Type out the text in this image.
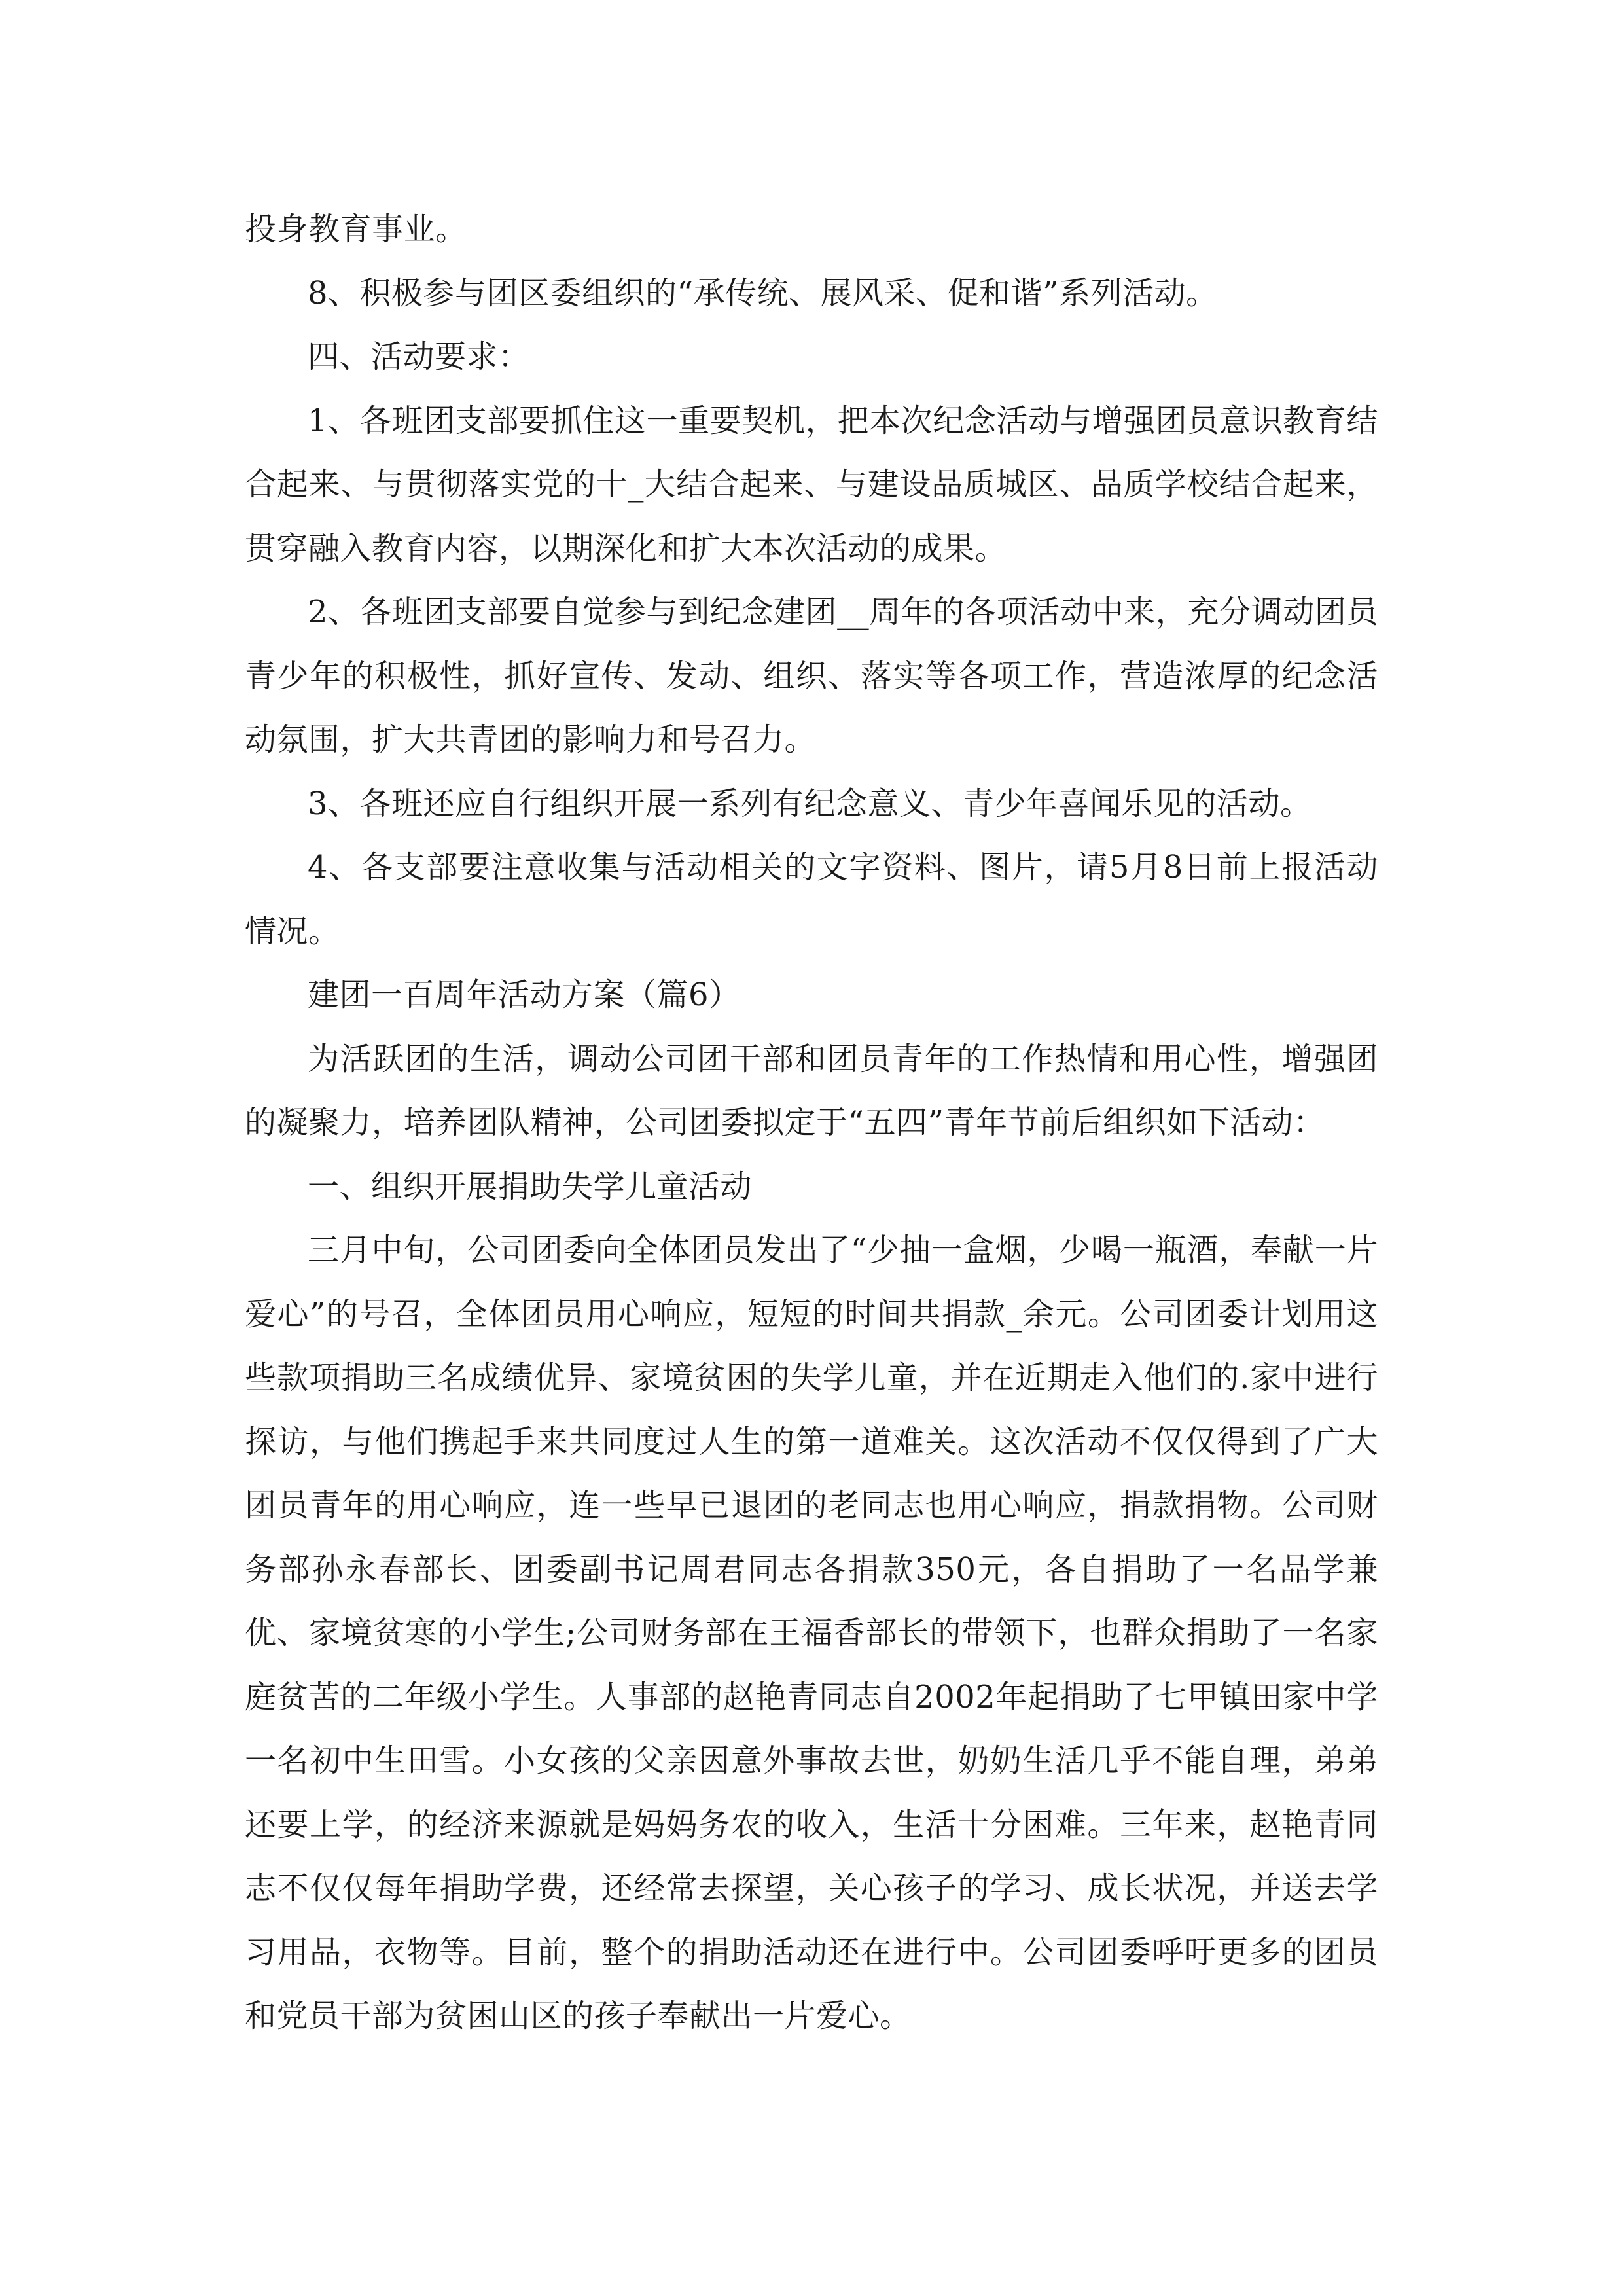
投身教育事业。

8、积极参与团区委组织的“承传统、展风采、促和谐”系列活动。

四、活动要求：

1、各班团支部要抓住这一重要契机，把本次纪念活动与增强团员意识教育结合起来、与贯彻落实党的十_大结合起来、与建设品质城区、品质学校结合起来，贯穿融入教育内容，以期深化和扩大本次活动的成果。

2、各班团支部要自觉参与到纪念建团__周年的各项活动中来，充分调动团员青少年的积极性，抓好宣传、发动、组织、落实等各项工作，营造浓厚的纪念活动氛围，扩大共青团的影响力和号召力。

3、各班还应自行组织开展一系列有纪念意义、青少年喜闻乐见的活动。

4、各支部要注意收集与活动相关的文字资料、图片，请5月8日前上报活动情况。

建团一百周年活动方案（篇6）

为活跃团的生活，调动公司团干部和团员青年的工作热情和用心性，增强团的凝聚力，培养团队精神，公司团委拟定于“五四”青年节前后组织如下活动：

一、组织开展捐助失学儿童活动

三月中旬，公司团委向全体团员发出了“少抽一盒烟，少喝一瓶酒，奉献一片爱心”的号召，全体团员用心响应，短短的时间共捐款_余元。公司团委计划用这些款项捐助三名成绩优异、家境贫困的失学儿童，并在近期走入他们的.家中进行探访，与他们携起手来共同度过人生的第一道难关。这次活动不仅仅得到了广大团员青年的用心响应，连一些早已退团的老同志也用心响应，捐款捐物。公司财务部孙永春部长、团委副书记周君同志各捐款350元，各自捐助了一名品学兼优、家境贫寒的小学生;公司财务部在王福香部长的带领下，也群众捐助了一名家庭贫苦的二年级小学生。人事部的赵艳青同志自2002年起捐助了七甲镇田家中学一名初中生田雪。小女孩的父亲因意外事故去世，奶奶生活几乎不能自理，弟弟还要上学，的经济来源就是妈妈务农的收入，生活十分困难。三年来，赵艳青同志不仅仅每年捐助学费，还经常去探望，关心孩子的学习、成长状况，并送去学习用品，衣物等。目前，整个的捐助活动还在进行中。公司团委呼吁更多的团员和党员干部为贫困山区的孩子奉献出一片爱心。
